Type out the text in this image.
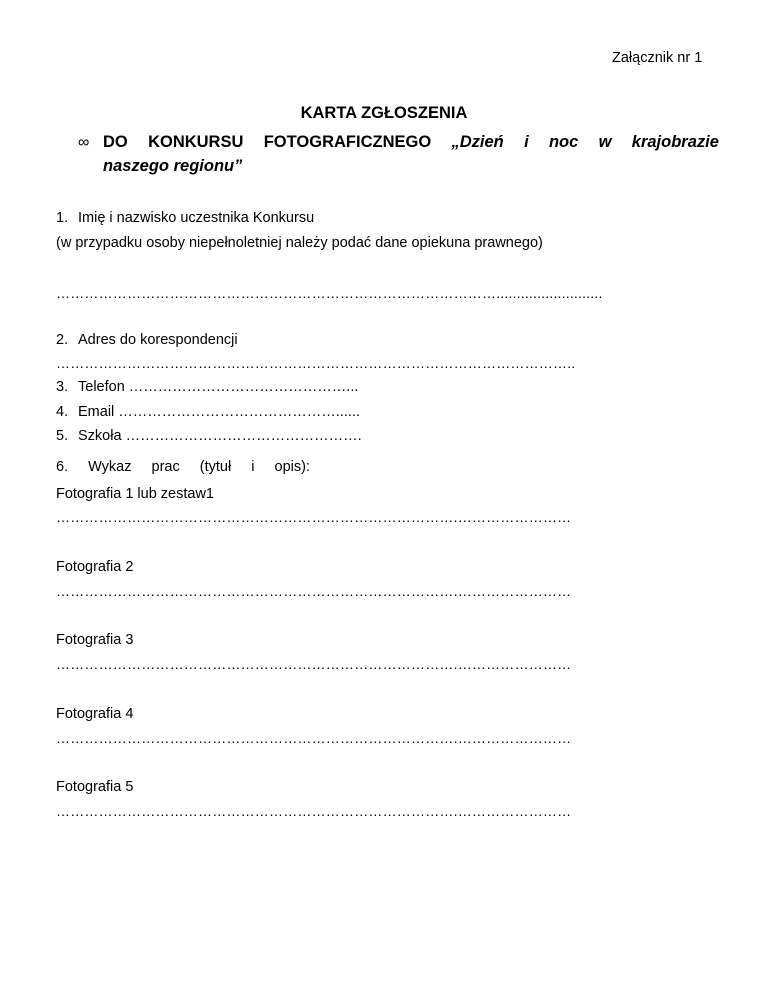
Załącznik nr 1
KARTA ZGŁOSZENIA
∞ DO KONKURSU FOTOGRAFICZNEGO „Dzień i noc w krajobrazie
naszego regionu”
1. Imię i nazwisko uczestnika Konkursu
(w przypadku osoby niepełnoletniej należy podać dane opiekuna prawnego)
…………………………………………………………………………………..........................
2. Adres do korespondencji
………………………………………………………………………………………………..
3. Telefon ………………………………………...
4. Email ………………………………………......
5. Szkoła ………………………………………….
6. Wykaz prac (tytuł i opis):
Fotografia 1 lub zestaw1
………………………………………………………………………….……………………
Fotografia 2
………………………………………………………………………….……………………
Fotografia 3
………………………………………………………………………….……………………
Fotografia 4
………………………………………………………………………….……………………
Fotografia 5
………………………………………………………………………….……………………
